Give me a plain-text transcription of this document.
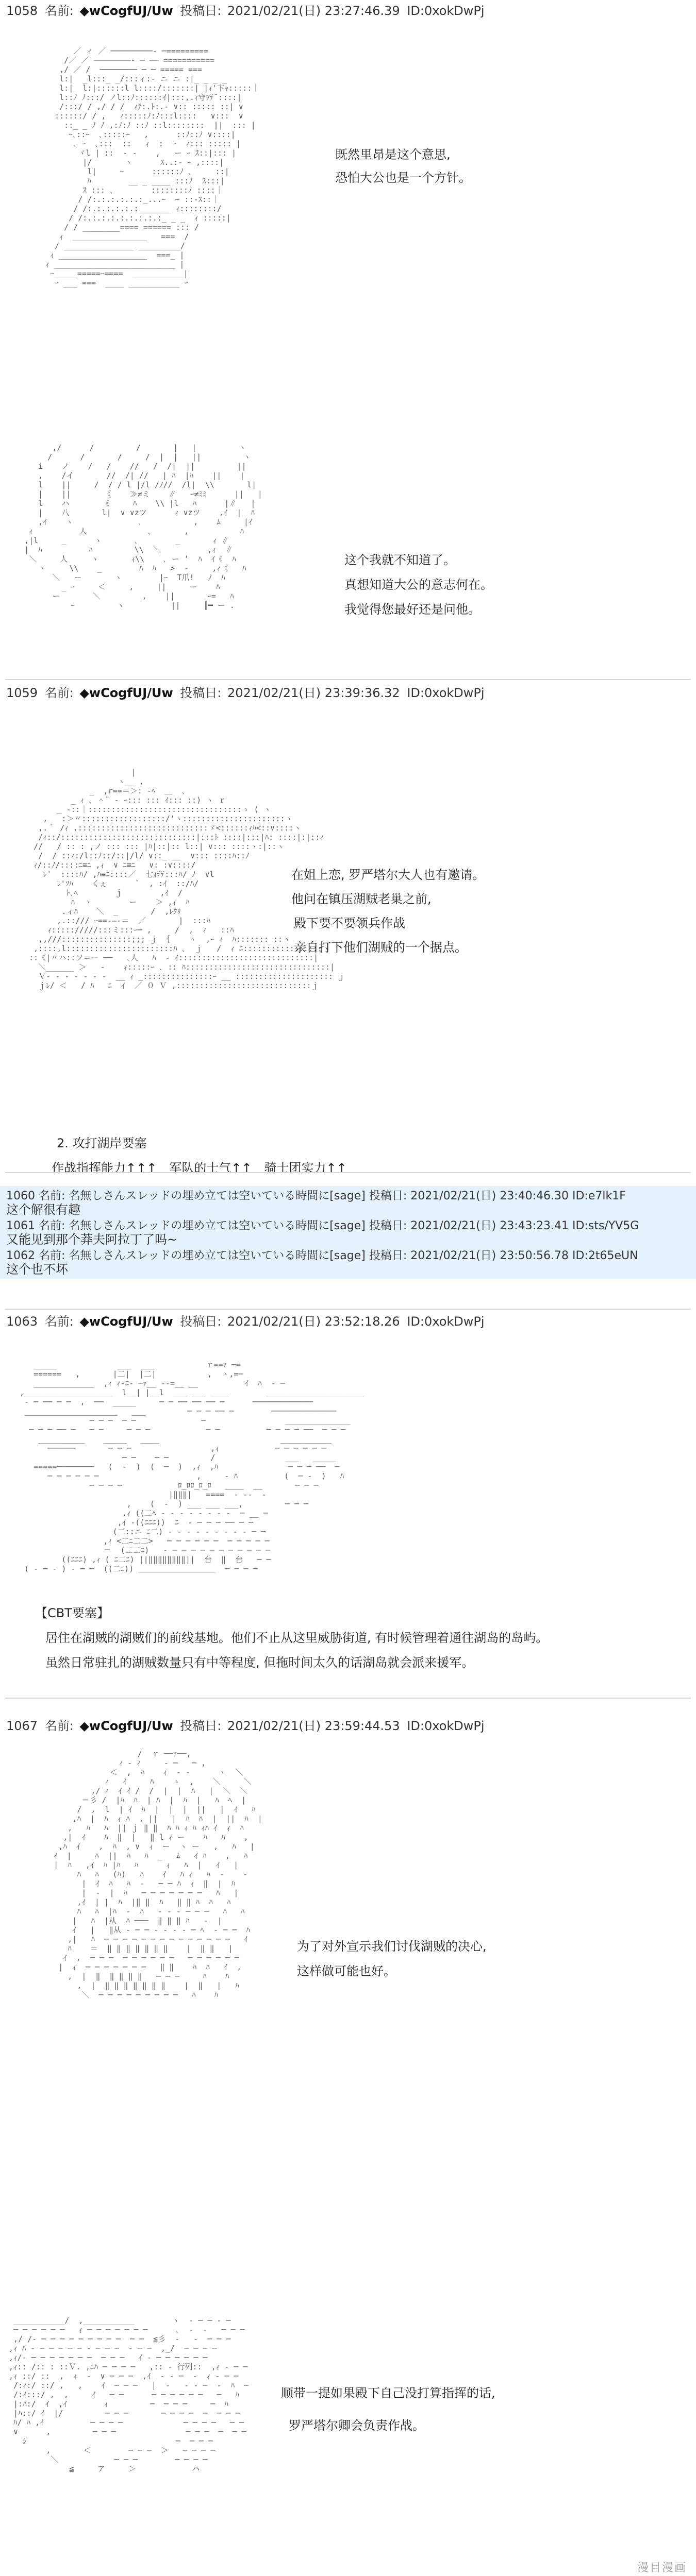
1058 名前: ◆wCogfUJ/Uw 投稿日: 2021/02/21(日) 23:27:46.39 ID:0xokDwPj
／ ィ ／ ─────────‐ ─=========
/／ ／ ────────‐ ─ ── ===========
,/ ／ /  ──────── ─ ─ ===== ===
l:|  _l:::_ _/:::ィ:‐ ニ ニ :|_ _ _ _
l:|  l:|::::::l l::::/:::::::| |ｨ'卞ｬ:::::｜
l::ﾉ ﾉ:::/ ノl::ﾉ::::::ｲ|:::,.ｨ守ｦﾃ¨::::|
/:::/ / ,/ / /  ｨﾃ:.ﾄ:.‐ ∨:: ::::: ::| ∨
::::::/ / ,   ｨ:::::ﾉ:ﾉ:::l::::   ∨:::  ∨
::_ _ ﾉ ﾉ ,:ﾉ:ﾉ ::ﾉ ::l::::::::  ||  ::: |
ｰ､::ｰ  ､:::::ｰ   ,      ::ﾉ::ﾉ ∨::::|
､ ｰ  ､:::  ::   ｨ  :  ｰ  ｨ::: ::::: |
ヾl | ::  ‐ ‐    ,   ー ｰ ｽ::|::: |
|/       ヽ      ｽ..:‐ ｰ ,::::|
l|     ｰ      ::::::ﾉ ､     ::|
ﾊ        __ _ ____ :::ﾉ  ｽ:::|
ｽ ::: ､        ::::::::ﾉ ::::｜
/ /:.:.:.:.:.:_...ｰ  ~ ::‐ｽ::｜
/ /:.:.:.:.:.:_______ ｨ::::::::/
/ /:.:.:.:.:.:.:.:.:_ _ _  ｨ :::::|
/ / ________==== ====== ::: /
ｨ  ________________   ===  /
/ _______________ _________/
ｨ ___________________  ===_ |
ｨ __________________________ |
ｰ_____=====ｰ====  ___________|
ｰ ___ ===  ____ ___________ ｰ

既然里昂是这个意思,

恐怕大公也是一个方针。

,/      /         /       |   |         ヽ
/      /       /     /  |  |   ||         ヽ
i    ノ    /   /    //   /  /|  ||         ||
,    /イ       //  /| //   | ﾊ  |ﾊ    ||    |
l    ||     /  / / l |/l /ﾉ//  /l|  \\       l|
|    ||       《    ≫≠ミ    ∥   ｰ≠ﾐﾐ      ||   |
l    ハ       《     ﾊ    \\ |l   ﾊ      |∥   |
|    八       l|  ∨ ∨zツ      ｨ ∨zツ    ,ｲ  |  ﾊ
,ｲ    ヽ              ､           ,    ﾑ     |ｲ
ｨ          人             ､       ,           ﾊ
,|l     _      ヽ       ､        _       ｨ ∥
|  ﾊ          ﾊ         \\  ＼          ,ｨ  ∥
＼     人     ヽ       ｨ\\    ､ ー '  ﾊ  ｲ《  ﾊ
ヽ     \\    _        ﾊ  ﾊ   >  ‐     ,ｨ《   ﾊ
＼   ー       ヽ        |ｰ  T爪!   ﾉ  ﾊ
_ ｰ     ＜     ,     ||     ー    ﾊ
ー       ＼         ,    ||       ｰ=   ﾊ
ｰ         ヽ          ||     ┃━ ー .

这个我就不知道了。

真想知道大公的意志何在。

我觉得您最好还是问他。

1059 名前: ◆wCogfUJ/Uw 投稿日: 2021/02/21(日) 23:39:36.32 ID:0xokDwPj
|
ヽ__ ,
_  ,r==＝＞: ‐ﾍ  ＿  ､
_ ｨ ､ ＾¨ ‐ ｰ::: ::: ｲ::: ::) ヽ ｒ
_ ‐::｜:::::::::::::::::::::::::::::::::ゝ ( ヽ
,   :＞〃::::::::::::::::::/'ヽ::::::::::::::::::::::ヽ
,.｀ /ｨ ,::::::::::::::::::::::::::::ゞ<::::::ｨﾊ<::∨::::ヽ
/ｨ::/:::::::::::::::::::::::::::::|:::ﾄ ::::|:::|ﾊ: ::::|:|::ｨ
//   / :: : ,ノ ::: ::: |ﾊ|::|:: l::| ∨::: ::::ヽ:|::ヽ
/  / ::ｨ:/l::ﾉ::/::|/l/ ∨::_ __  ∨::: ::::ﾊ::ﾉ
ｨ/::ﾉ/::::ﾆ≡ﾆ ,ｨ  ∨ ﾆ≡ﾆ   ∨: :∨::::/
ﾚ'  ::::ﾊ/ ,ﾊ≡ﾆ::::／  七ｫﾃﾃ:::ﾊ/ ﾉ  ∨l
ﾚ'ｿﾊ    くぇ      `  , :ｲ  ::/ﾊ/
ﾄ､ﾍ        ｊ        ,ｲ  /
ﾊ  ヽ        ー    ＞ ,ｨ  ﾊ
.ィﾊ    ＼  _       /  ,ﾚｸﾘ
,.::/// ｰ==‐―‐＝  ／       |  :::ﾊ
ｨ::::://///:::ミ:::ｰ─ ,     /  ,  ｨ   ::ﾊ
,,///:::::::::::::::;;; ｊ ｛    ヽ  ,ｰ ｨ  ﾊ::::::: ::ヽ
,::::,l:::::::::::::::::::::::ﾊ ､  ｊ   /  ｨ ﾆ:::::::::::::::::ヽ
::《|〃ハ::ソ＝ー ──   ､人   ﾊ  ‐ ｲ:::::::::::::::::::::::::::::|
＼______ ＞   ‐    ｨ:::::ｰ ､ :: ﾊ:::::::::::::::::::::::::::::::|
Ｖ‐ ‐ ‐ ‐ ‐ ‐ ‐  __ ｨ _:::::::::::::::ｰ __ ::::::::::::::::::::: ｊ
ｊﾚ/ ＜   / ﾊ   ﾆ  ｲ  ／ ０ Ｖ ,:::::::::::::::::::::::::::::ｊ

在姐上恋, 罗严塔尔大人也有邀请。

他问在镇压湖贼老巢之前,

殿下要不要领兵作战

亲自打下他们湖贼的一个据点。

2. 攻打湖岸要塞

作战指挥能力↑↑↑　军队的士气↑↑　骑士团实力↑↑

1060 名前: 名無しさんスレッドの埋め立ては空いている時間に[sage] 投稿日: 2021/02/21(日) 23:40:46.30 ID:e7lk1F
这个解很有趣
1061 名前: 名無しさんスレッドの埋め立ては空いている時間に[sage] 投稿日: 2021/02/21(日) 23:43:23.41 ID:sts/YV5G
又能见到那个莽夫阿拉丁了吗~
1062 名前: 名無しさんスレッドの埋め立ては空いている時間に[sage] 投稿日: 2021/02/21(日) 23:50:56.78 ID:2t65eUN
这个也不坏
1063 名前: ◆wCogfUJ/Uw 投稿日: 2021/02/21(日) 23:52:18.26 ID:0xokDwPj
_____             ___  ___           ｒ==ｧ ─=
======   ,       |二|  |二|           ,  ヽ,=─
_____________  ,ｨ ｨ‐ﾆ‐ ─ｧ__ ‐-=__ __          ｲ  ﾊ  ‐ ─
,___________________  l__| |__l  ___ ___ ____        _____________________
‐ ─ ── ─ ─  ,  ──  _____     ─ ─ ── ── ── ─      ─────────────
____________________   ___         ─ ─ ─ ── ─        ──────────────
─ ─ ─  ─ ─              ─                 ______________
─ ─ ─ ── ─   ─ ─     ─ ─ ─            ─ ─          ─ ─ ─ ─ ──  ─ ─ ─
__________    _____   ____                          ___________
──────       ─ ─ ─                 ,ｨ            ─ ─ ─ ─ ─ ─
─ ─    ─ ─         /               ___   _____
=====────────   (  ‐  )  (  ─  )  ,ｨ  ,ﾊ               ─ ─ ─ ──  ─
─ ─ ─ ─ ─ ─                     ,     ‐ ﾊ          (  ─ ‐  )   ﾊ
─ ─ ─ ─            ﾛ_ﾛﾛ_ﾛ_ﾛ   ____  __       ─ ─ ─
|‖‖‖|   ====  ‐ ‐‐  ‐
,    (  ‐  ) ___ ___ ___,         ─ ─ ─
,ｨ ((二ﾍ ‐ ‐ ‐ ‐ ‐ ‐ ‐ ‐  ─ __ ─
,ｲ ‐((ﾆﾆﾆ))  ﾆ  ‐ ─ ─ ─ ── ─ ─
(二::ニ ﾆ二) ‐ ‐ ‐ ‐ ‐ ‐ ‐ ‐ ‐ ─ ─
,ｨ <二ﾆ二二>   ─ ─ ─ ─ ─ ─  ─ ─ ─ ─ ─
＝  (二二ﾆ)   ‐ ─ ─ ─ ─ ─ ─ ─ ─ ─ ─ ─
((ﾆﾆﾆ) ,ｨ ( ﾆ二ﾆ) ||‖‖‖‖‖‖‖‖||  台  ‖  台   ─ ─
( ‐ ─ ‐ ) ‐ ─ ─  ((二ﾆ)) ＿＿＿＿＿＿＿＿＿＿  ─ ─ ─ ─

【CBT要塞】

居住在湖贼的湖贼们的前线基地。他们不止从这里威胁街道, 有时候管理着通往湖岛的岛屿。

虽然日常驻扎的湖贼数量只有中等程度, 但拖时间太久的话湖岛就会派来援军。

1067 名前: ◆wCogfUJ/Uw 投稿日: 2021/02/21(日) 23:59:44.53 ID:0xokDwPj
/  ｒ ──ｧ──,
ｨ ‐ ｨ     ‐ ─   ─ ,
＜  ,  ﾊ    ｨ  ‐ ‐      ヽ  ＼
ｨ   ｲ     ﾊ    ゝ  ,    ＼     ＼
,/ ｨ  ｲ ｲ /  /  |  |  ﾊ   |  ＼  ＼
＝彡 /  |ﾊ  ﾊ  | ﾊ  |  ﾊ  |   ﾊ  ﾍ  |
/  ,  l  | ｲ  ﾊ  |  |  |  ||   |  ｲ   ﾊ
,ﾊ  |  ﾊ  ｨ ﾊ  , ||   |  ﾊ  ﾊ  |  ||  ﾊ  |
,   ﾊ   ﾊ  || ｊ ‖ ‖  ﾊ ﾊ ｨ ﾊ ｨﾊ ｲ  ｨ  ﾊ
,|  ｲ    ﾊ  ‖  |   ‖ l ｨ ー    ﾊ   ﾊ    ,
,ﾊ  ｲ    ,  ﾊ  , ∨  ｨ  ー  ヽ ー   ,   ﾊ   |
ｲ  |     ﾊ  ||  ﾊ   ﾊ  _   ﾑ   ｲ ﾊ    ,   ﾊ
|  ﾊ   ,ｲ  ﾊ |ﾊ   ﾊ      ｨ   ﾊ  |   ｲ   |
ﾊ   ﾊ   (ﾊ)   ﾊ    ｲ   ﾊ ｨ   ﾊ  ‐    ‐
|  ｲ  ﾊ   ﾊ  ‐   ─ ─ ﾊ  ｨ  ‖  |  ﾊ
|  ‐  |  ﾊ   ─ ─ ─ ─ ─ ─ ─   ﾊ   |
,ｲ  | |  ﾊ  |‖ ‖  ﾊ   ‖ ‖ ﾊ  ﾊ   ﾊ
ﾊ   ﾊ  |ﾊ  ‐  ﾊ   ‐ ‐ ‐ ─ ─ ─   ﾊ   ﾊ
|   ﾊ  |从  ﾊ ───  ‖ ‖ ‖ ﾊ   ‐  |
ｲ   |   ‖从 ‐ ─ ─ ‐ ‐ ‐ ‐ ─ ﾍ  ‐ ─ ─  ﾊ
,|   ﾊ  ─ ─ ─ ─ ─ ─ ─ ─ ─ ─ ─ ─ ─ ─   ｲ
ﾊ    ＝  ‖ ‖ ‖ ‖ ‖ ‖ ‖    |  ‖ ‖   |
ｲ  ,  ─ ─ ─  ─ ─ ─ ─ ─ ─   ─ ─ ─ ─ ─ ─
|  ｨ  ─ ─ ─ ─ ─ ─ ─   ‖ ‖    ﾊ  ﾊ   ｲ  ,
,  |  ‖  ‖ ‖ ‖ ‖   ─ ─ ─     ﾊ    ﾊ
,  |  ‖ ‖ ‖ ‖ ‖ ‖ ‖    |  ‖   |   ﾊ
＼  ─ ─ ─ ─ ─ ─ ─ ─ ─   ﾊ    ﾊ

为了对外宣示我们讨伐湖贼的决心,

这样做可能也好。

___________/  ,___________        ヽ  ‐ ─ ─ ‐ ─
─ ─ ─ ─ ─ ─   ｨ ─ ─ ─ ─ ─ ─ ─      ､  ‐  ‐   ─ ─ ─
,/ /‐ ─ ─ ─ ─ ─ ─ ─ ─ ─  ─ ─  ≦彡  ‐   ‐  ─ ─ ─
,ｨ ﾊ ‐ ─ ─ ─ ─ ─ ‐ ─ ─ ─  ‐ ─ ─  ,_/  ─ ─ ─ ─
,ｨ/‐ ─ ─ ─ ─ ─ ─ ─  ─ ─ ─   ｲ ‐ ─ ─ ─ ─ ─ ─
,ｨ:: /:: : ::Ｖ. ,ﾆﾊ ─ ─ ─ ─   ,:: ‐ 行列::  ,ｨ ‐ ─ ─
,ｨ ::/ ::  ,  ｨ  ‐  ∨ ─ ─ ─  ,ｲ  ‐ ‐ ─  ‐  ｨ ‐ ─ ─
/:ｨ:/ ::/ ,   ,    ｲ  ─ ─ ─   |  ‐   ‐ ‐ ─  ‐  ﾊ  ─
/:ｲ:::/ ,  ,     ｲ   ─ ─      ─ ─ ─ ─ ─ ─   ─   ﾊ
|:ﾊ:/  ｲ  ,ｲ        ｨ         ─  ─ ─ ─     ─  ﾊ
|ﾊ::/ ｲ  |/         ─ ─ ─       ─ ─ ─ ─  ─  ─ ─ ─
ﾊ/ ﾊ ,ｲ          ─ ─ ─ ─             ─ ─ ─ ─   ─ ─
∨      ,         ─ ─ ─               ─ ─ ─  ─  ─ ─
ｼ                                ─  ─ ─ ─
,       ＜        ─ ─ ─  ＞   ─ ─ ─ ─
＼            ─ ─ ─        ─ ─ ─ ─
≦     ア     ＞            ハ

顺带一提如果殿下自己没打算指挥的话,

罗严塔尔卿会负责作战。

漫目漫画
